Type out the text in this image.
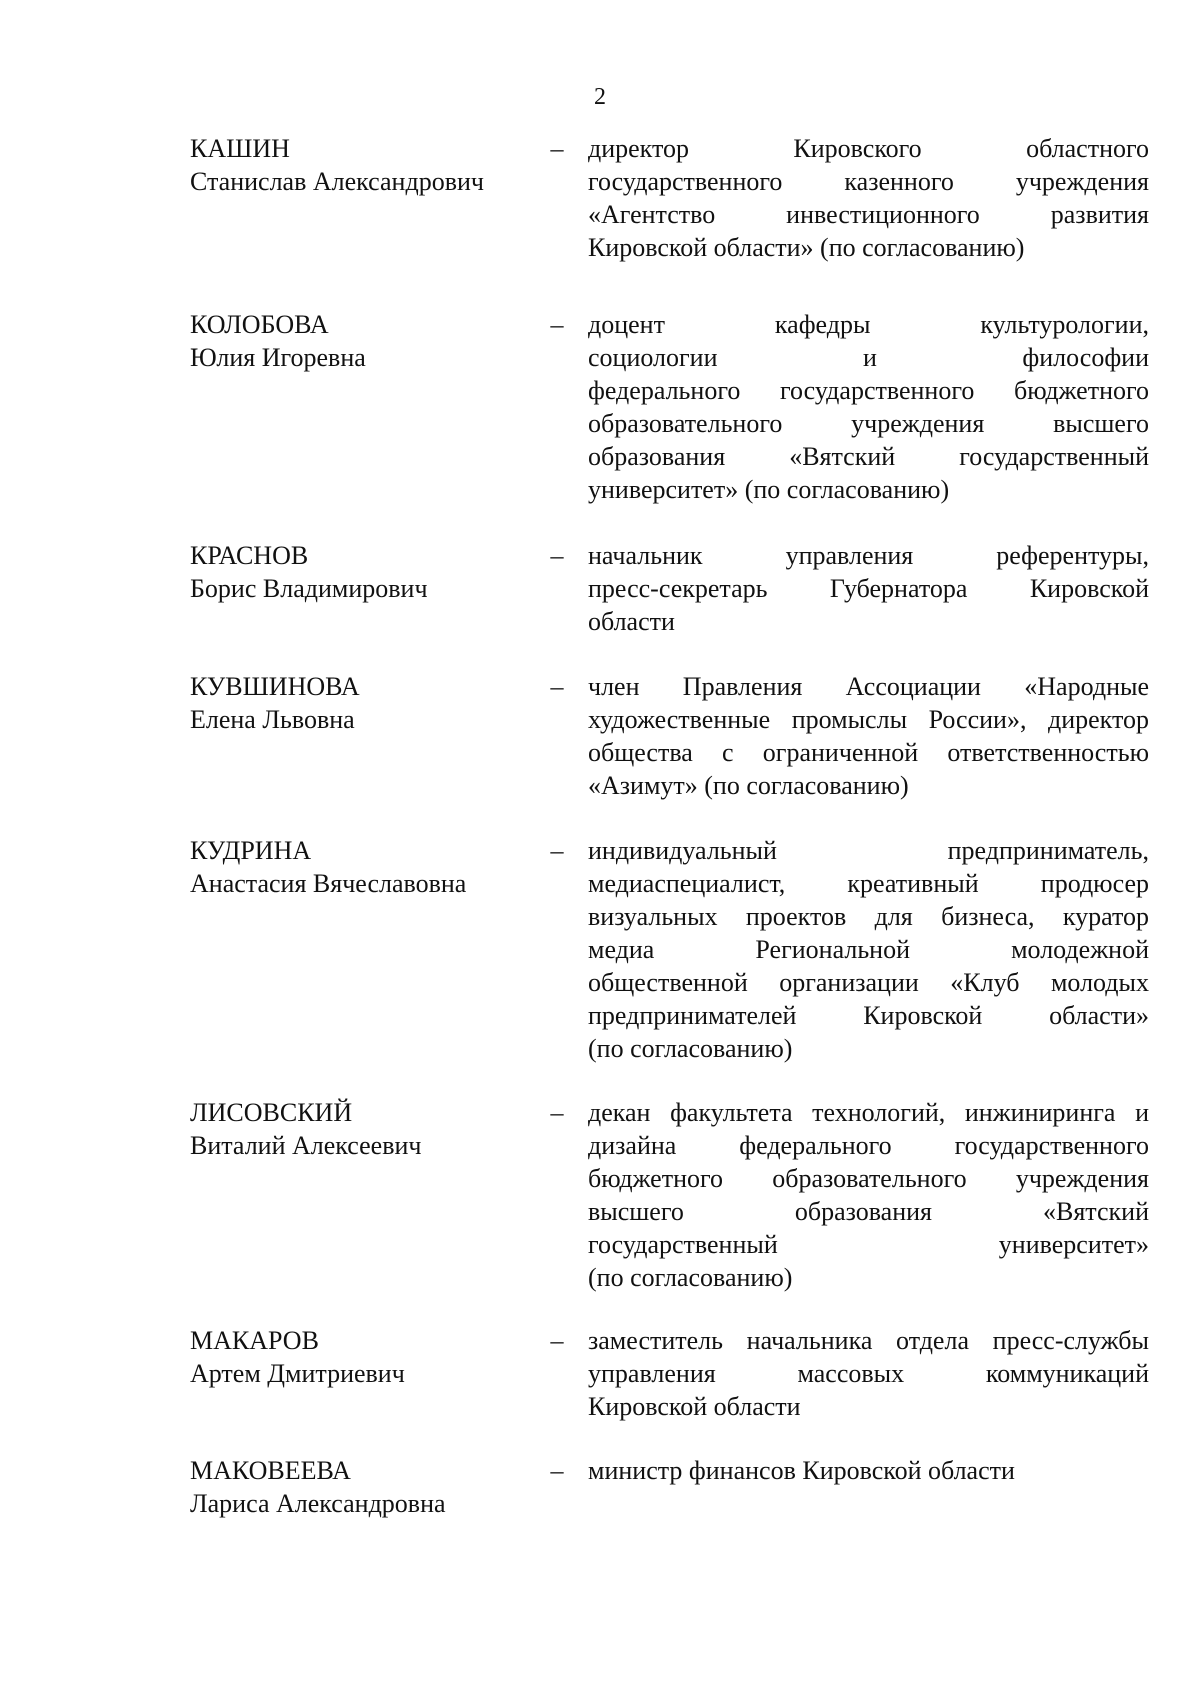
2
КАШИН
Станислав Александрович
– директор Кировского областного
государственного казенного учреждения
«Агентство инвестиционного развития
Кировской области» (по согласованию)
КОЛОБОВА
Юлия Игоревна
– доцент кафедры культурологии,
социологии и философии
федерального государственного бюджетного
образовательного учреждения высшего
образования «Вятский государственный
университет» (по согласованию)
КРАСНОВ
Борис Владимирович
– начальник управления референтуры,
пресс-секретарь Губернатора Кировской
области
КУВШИНОВА
Елена Львовна
– член Правления Ассоциации «Народные
художественные промыслы России», директор
общества с ограниченной ответственностью
«Азимут» (по согласованию)
КУДРИНА
Анастасия Вячеславовна
– индивидуальный предприниматель,
медиаспециалист, креативный продюсер
визуальных проектов для бизнеса, куратор
медиа Региональной молодежной
общественной организации «Клуб молодых
предпринимателей Кировской области»
(по согласованию)
ЛИСОВСКИЙ
Виталий Алексеевич
– декан факультета технологий, инжиниринга и
дизайна федерального государственного
бюджетного образовательного учреждения
высшего образования «Вятский
государственный университет»
(по согласованию)
МАКАРОВ
Артем Дмитриевич
– заместитель начальника отдела пресс-службы
управления массовых коммуникаций
Кировской области
МАКОВЕЕВА
Лариса Александровна
– министр финансов Кировской области
